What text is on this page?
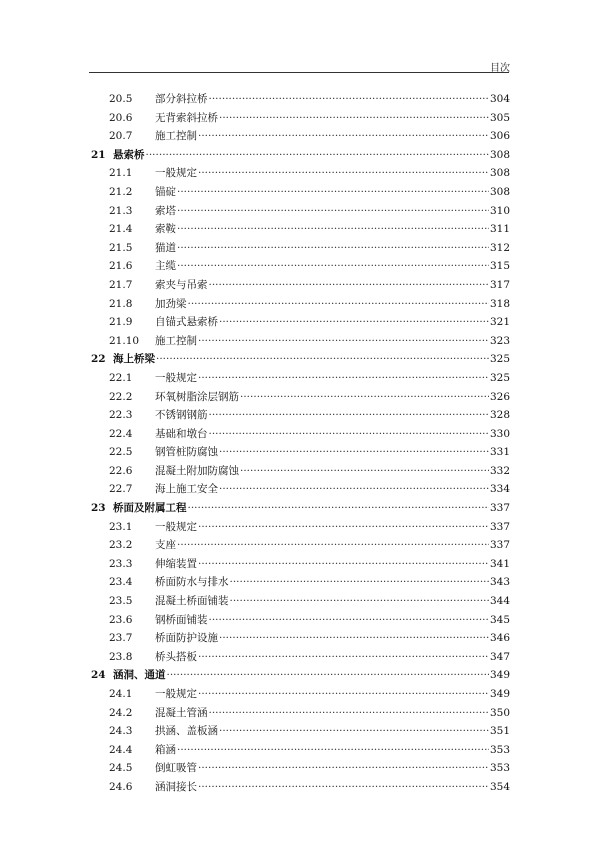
目次
20.5	部分斜拉桥 ·····	304
20.6	无背索斜拉桥 ·····	305
20.7	施工控制 ·····	306
21 悬索桥 ·····	308
21.1	一般规定 ·····	308
21.2	锚碇 ·····	308
21.3	索塔 ·····	310
21.4	索鞍 ·····	311
21.5	猫道 ·····	312
21.6	主缆 ·····	315
21.7	索夹与吊索 ·····	317
21.8	加劲梁 ·····	318
21.9	自锚式悬索桥 ·····	321
21.10	施工控制 ·····	323
22 海上桥梁 ·····	325
22.1	一般规定 ·····	325
22.2	环氧树脂涂层钢筋 ·····	326
22.3	不锈钢钢筋 ·····	328
22.4	基础和墩台 ·····	330
22.5	钢管桩防腐蚀 ·····	331
22.6	混凝土附加防腐蚀 ·····	332
22.7	海上施工安全 ·····	334
23 桥面及附属工程 ·····	337
23.1	一般规定 ·····	337
23.2	支座 ·····	337
23.3	伸缩装置 ·····	341
23.4	桥面防水与排水 ·····	343
23.5	混凝土桥面铺装 ·····	344
23.6	钢桥面铺装 ·····	345
23.7	桥面防护设施 ·····	346
23.8	桥头搭板 ·····	347
24 涵洞、通道 ·····	349
24.1	一般规定 ·····	349
24.2	混凝土管涵 ·····	350
24.3	拱涵、盖板涵 ·····	351
24.4	箱涵 ·····	353
24.5	倒虹吸管 ·····	353
24.6	涵洞接长 ·····	354
